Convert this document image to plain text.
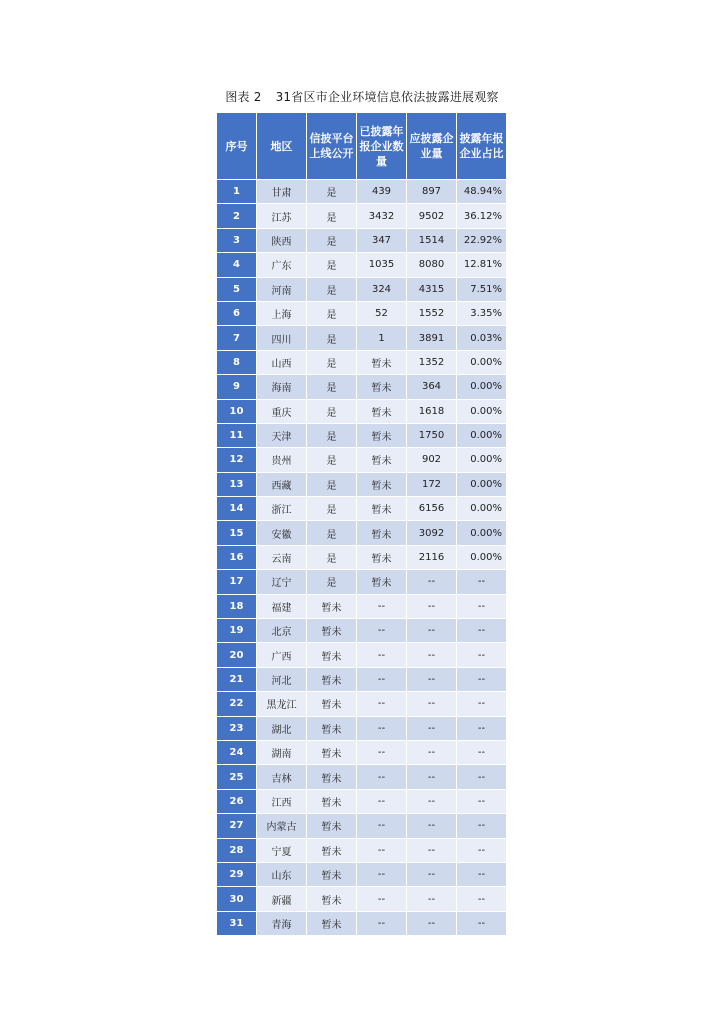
图表 2 31省区市企业环境信息依法披露进展观察
序号	地区	信披平台上线公开	已披露年报企业数量	应披露企业量	披露年报企业占比
1	甘肃	是	439	897	48.94%
2	江苏	是	3432	9502	36.12%
3	陕西	是	347	1514	22.92%
4	广东	是	1035	8080	12.81%
5	河南	是	324	4315	7.51%
6	上海	是	52	1552	3.35%
7	四川	是	1	3891	0.03%
8	山西	是	暂未	1352	0.00%
9	海南	是	暂未	364	0.00%
10	重庆	是	暂未	1618	0.00%
11	天津	是	暂未	1750	0.00%
12	贵州	是	暂未	902	0.00%
13	西藏	是	暂未	172	0.00%
14	浙江	是	暂未	6156	0.00%
15	安徽	是	暂未	3092	0.00%
16	云南	是	暂未	2116	0.00%
17	辽宁	是	暂未	--	--
18	福建	暂未	--	--	--
19	北京	暂未	--	--	--
20	广西	暂未	--	--	--
21	河北	暂未	--	--	--
22	黑龙江	暂未	--	--	--
23	湖北	暂未	--	--	--
24	湖南	暂未	--	--	--
25	吉林	暂未	--	--	--
26	江西	暂未	--	--	--
27	内蒙古	暂未	--	--	--
28	宁夏	暂未	--	--	--
29	山东	暂未	--	--	--
30	新疆	暂未	--	--	--
31	青海	暂未	--	--	--
